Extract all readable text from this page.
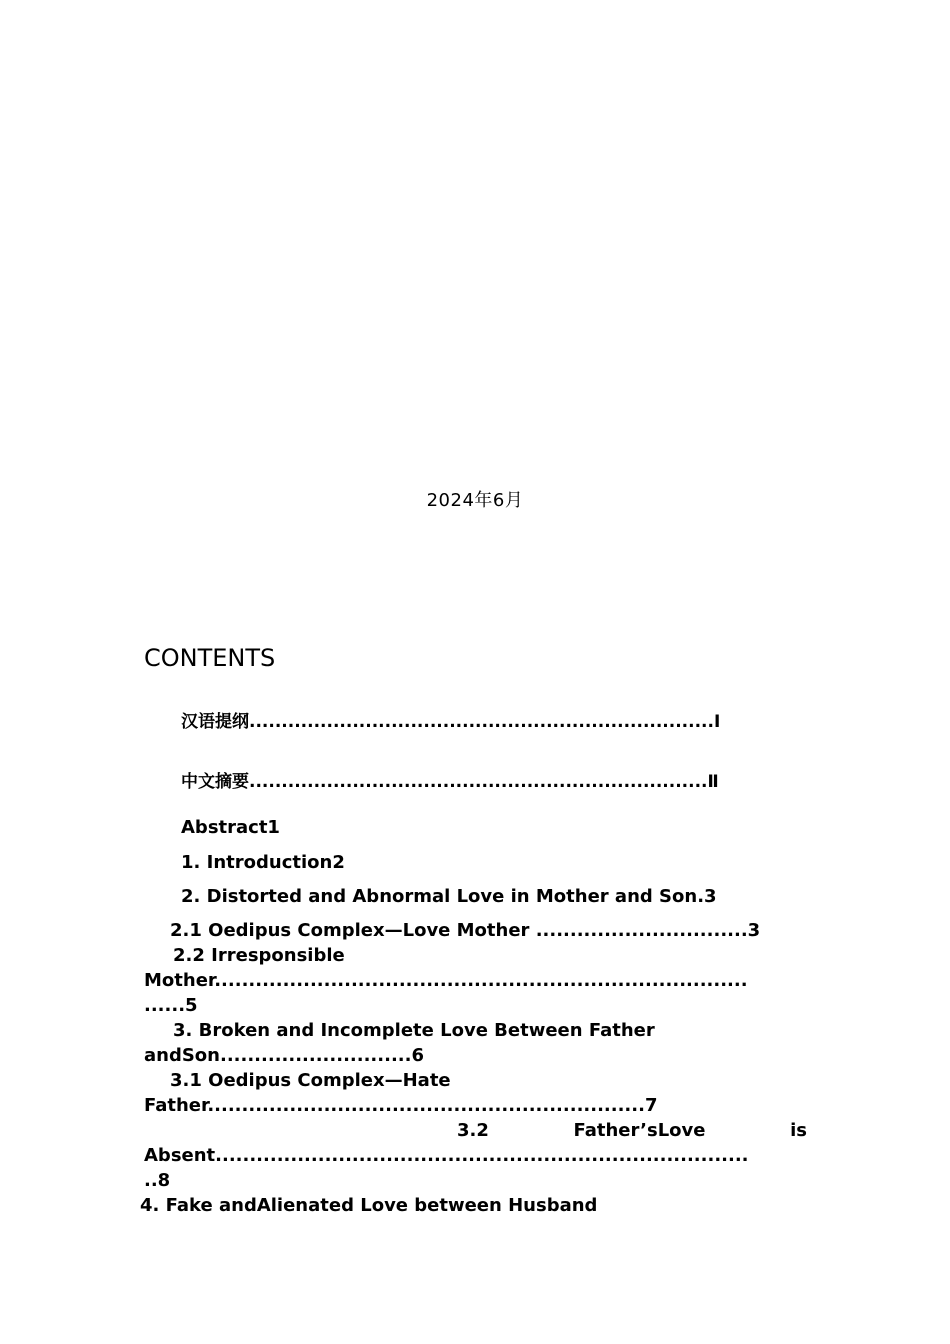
2024年6月
CONTENTS
汉语提纲........................................................................I
中文摘要.......................................................................Ⅱ
Abstract1
1. Introduction2
2. Distorted and Abnormal Love in Mother and Son.3
2.1 Oedipus Complex—Love Mother ...............................3
2.2 Irresponsible
Mother..............................................................................
......5
3. Broken and Incomplete Love Between Father
andSon............................6
3.1 Oedipus Complex—Hate
Father................................................................7
3.2	Father’sLove	is
Absent..............................................................................
..8
4. Fake andAlienated Love between Husband
